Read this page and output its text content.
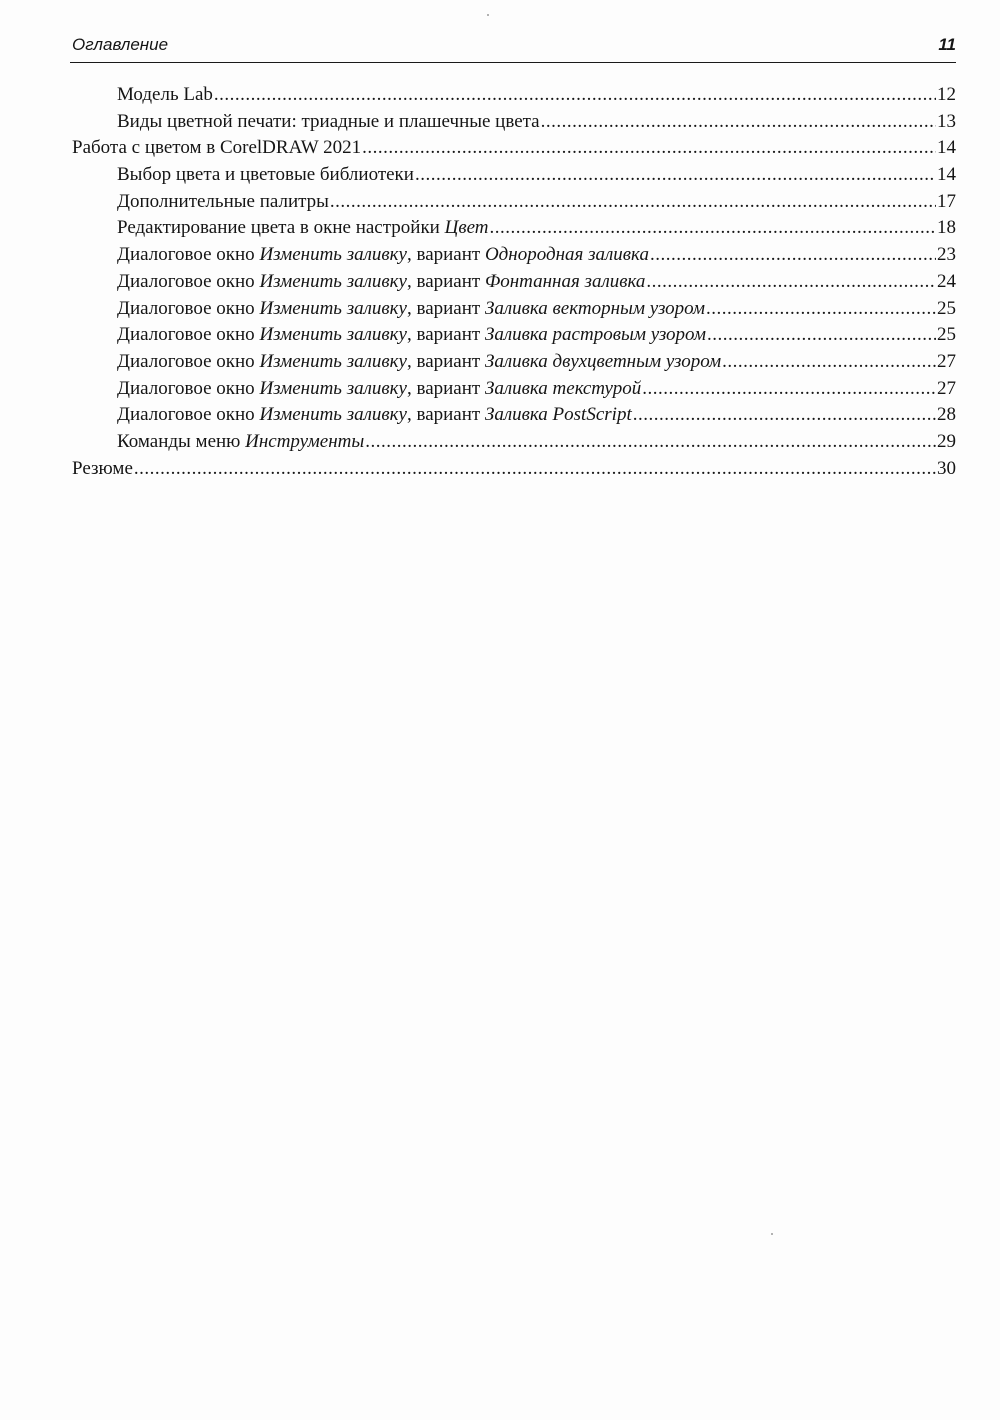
Оглавление	11
Модель Lab .....	12
Виды цветной печати: триадные и плашечные цвета .....	13
Работа с цветом в CorelDRAW 2021 .....	14
Выбор цвета и цветовые библиотеки .....	14
Дополнительные палитры .....	17
Редактирование цвета в окне настройки Цвет .....	18
Диалоговое окно Изменить заливку, вариант Однородная заливка .....	23
Диалоговое окно Изменить заливку, вариант Фонтанная заливка .....	24
Диалоговое окно Изменить заливку, вариант Заливка векторным узором .....	25
Диалоговое окно Изменить заливку, вариант Заливка растровым узором .....	25
Диалоговое окно Изменить заливку, вариант Заливка двухцветным узором .....	27
Диалоговое окно Изменить заливку, вариант Заливка текстурой .....	27
Диалоговое окно Изменить заливку, вариант Заливка PostScript .....	28
Команды меню Инструменты .....	29
Резюме .....	30
